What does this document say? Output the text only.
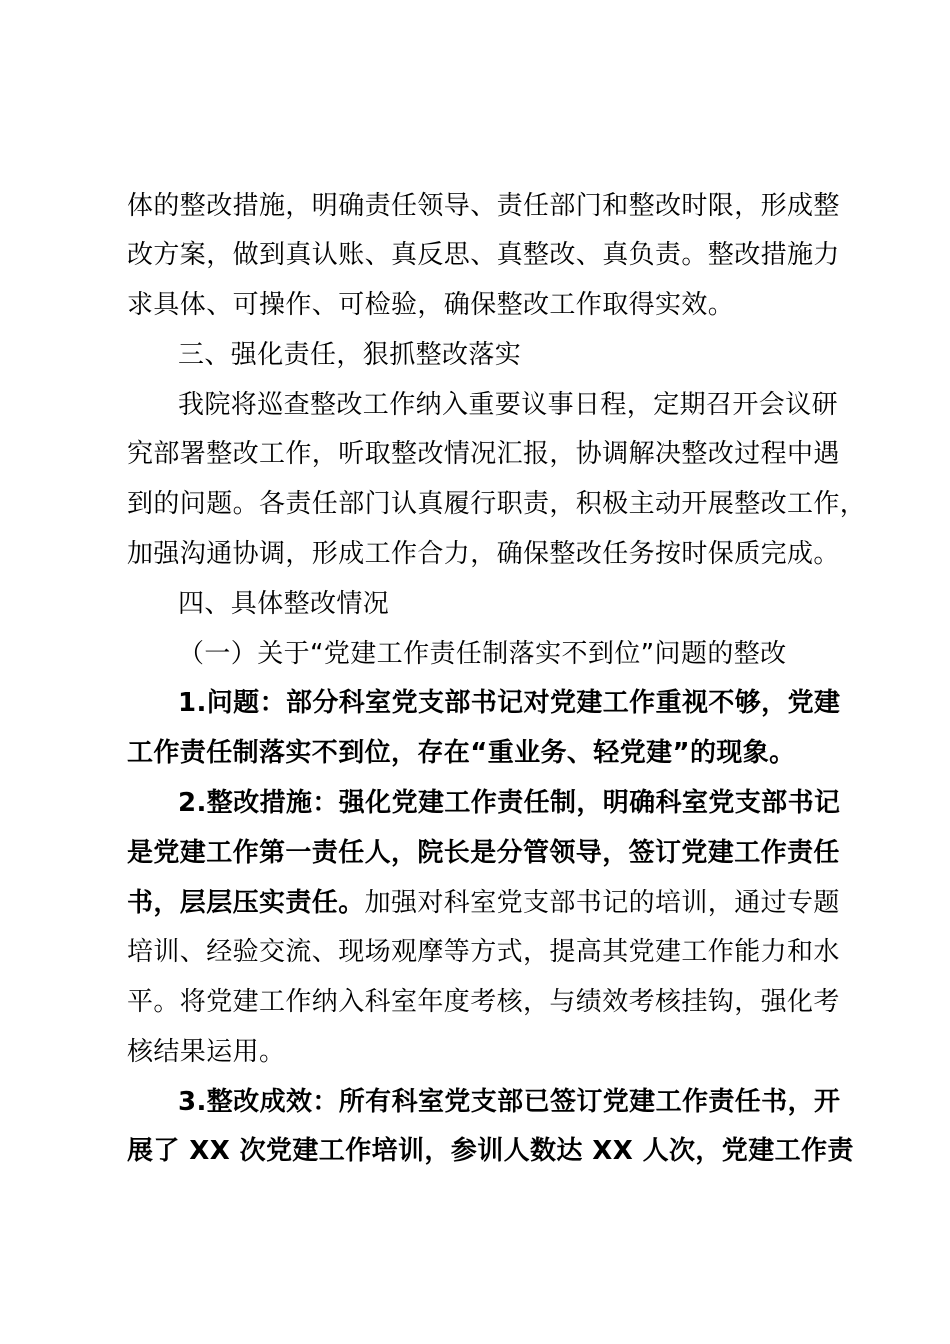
体的整改措施，明确责任领导、责任部门和整改时限，形成整
改方案，做到真认账、真反思、真整改、真负责。整改措施力
求具体、可操作、可检验，确保整改工作取得实效。
三、强化责任，狠抓整改落实
我院将巡查整改工作纳入重要议事日程，定期召开会议研
究部署整改工作，听取整改情况汇报，协调解决整改过程中遇
到的问题。各责任部门认真履行职责，积极主动开展整改工作，
加强沟通协调，形成工作合力，确保整改任务按时保质完成。
四、具体整改情况
（一）关于“党建工作责任制落实不到位”问题的整改
1.问题：部分科室党支部书记对党建工作重视不够，党建
工作责任制落实不到位，存在“重业务、轻党建”的现象。
2.整改措施：强化党建工作责任制，明确科室党支部书记
是党建工作第一责任人，院长是分管领导，签订党建工作责任
书，层层压实责任。加强对科室党支部书记的培训，通过专题
培训、经验交流、现场观摩等方式，提高其党建工作能力和水
平。将党建工作纳入科室年度考核，与绩效考核挂钩，强化考
核结果运用。
3.整改成效：所有科室党支部已签订党建工作责任书，开
展了 XX 次党建工作培训，参训人数达 XX 人次，党建工作责
